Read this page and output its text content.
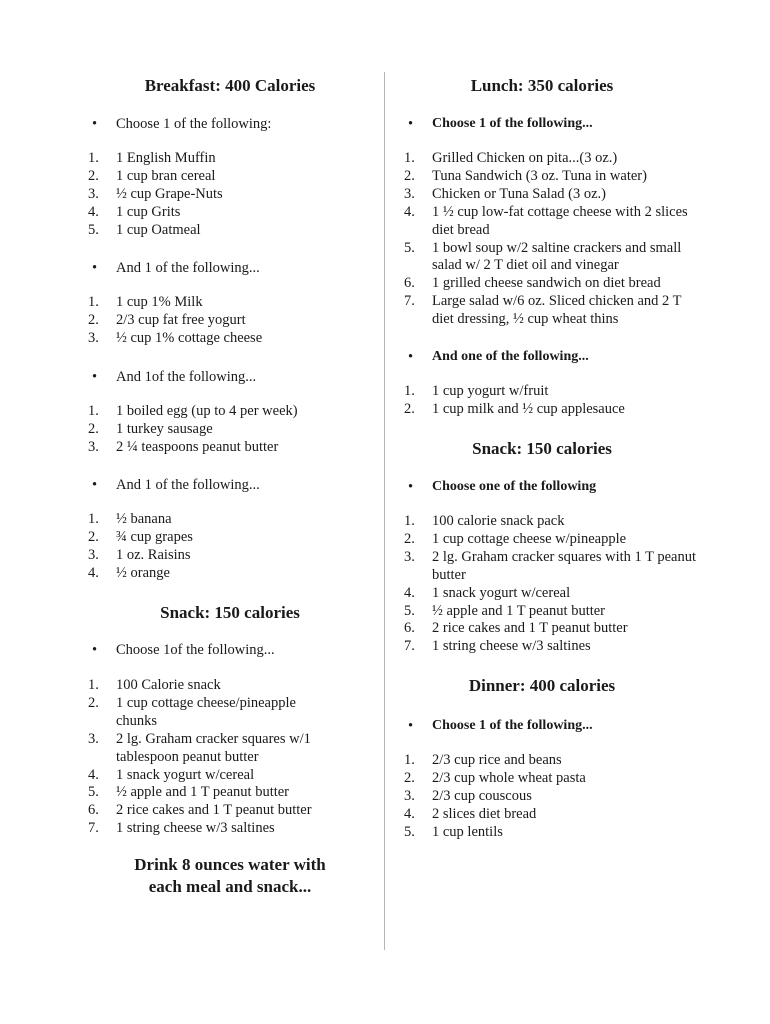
Breakfast: 400 Calories
• Choose 1 of the following:
1.	1 English Muffin
2.	1 cup bran cereal
3.	½ cup Grape-Nuts
4.	1 cup Grits
5.	1 cup Oatmeal
• And 1 of the following...
1.	1 cup 1% Milk
2.	2/3 cup fat free yogurt
3.	½ cup 1% cottage cheese
• And 1of the following...
1.	1 boiled egg (up to 4 per week)
2.	1 turkey sausage
3.	2 ¼ teaspoons peanut butter
• And 1 of the following...
1.	½ banana
2.	¾ cup grapes
3.	1 oz. Raisins
4.	½ orange
Snack: 150 calories
• Choose 1of the following...
1.	100 Calorie snack
2.	1 cup cottage cheese/pineapple chunks
3.	2 lg. Graham cracker squares w/1 tablespoon peanut butter
4.	1 snack yogurt w/cereal
5.	½ apple and 1 T peanut butter
6.	2 rice cakes and 1 T peanut butter
7.	1 string cheese w/3 saltines
Drink 8 ounces water with
each meal and snack...
Lunch: 350 calories
• Choose 1 of the following...
1.	Grilled Chicken on pita...(3 oz.)
2.	Tuna Sandwich (3 oz. Tuna in water)
3.	Chicken or Tuna Salad (3 oz.)
4.	1 ½ cup low-fat cottage cheese with 2 slices diet bread
5.	1 bowl soup w/2 saltine crackers and small salad w/ 2 T diet oil and vinegar
6.	1 grilled cheese sandwich on diet bread
7.	Large salad w/6 oz. Sliced chicken and 2 T diet dressing, ½ cup wheat thins
• And one of the following...
1.	1 cup yogurt w/fruit
2.	1 cup milk and ½ cup applesauce
Snack: 150 calories
• Choose one of the following
1.	100 calorie snack pack
2.	1 cup cottage cheese w/pineapple
3.	2 lg. Graham cracker squares with 1 T peanut butter
4.	1 snack yogurt w/cereal
5.	½ apple and 1 T peanut butter
6.	2 rice cakes and 1 T peanut butter
7.	1 string cheese w/3 saltines
Dinner: 400 calories
• Choose 1 of the following...
1.	2/3 cup rice and beans
2.	2/3 cup whole wheat pasta
3.	2/3 cup couscous
4.	2 slices diet bread
5.	1 cup lentils
